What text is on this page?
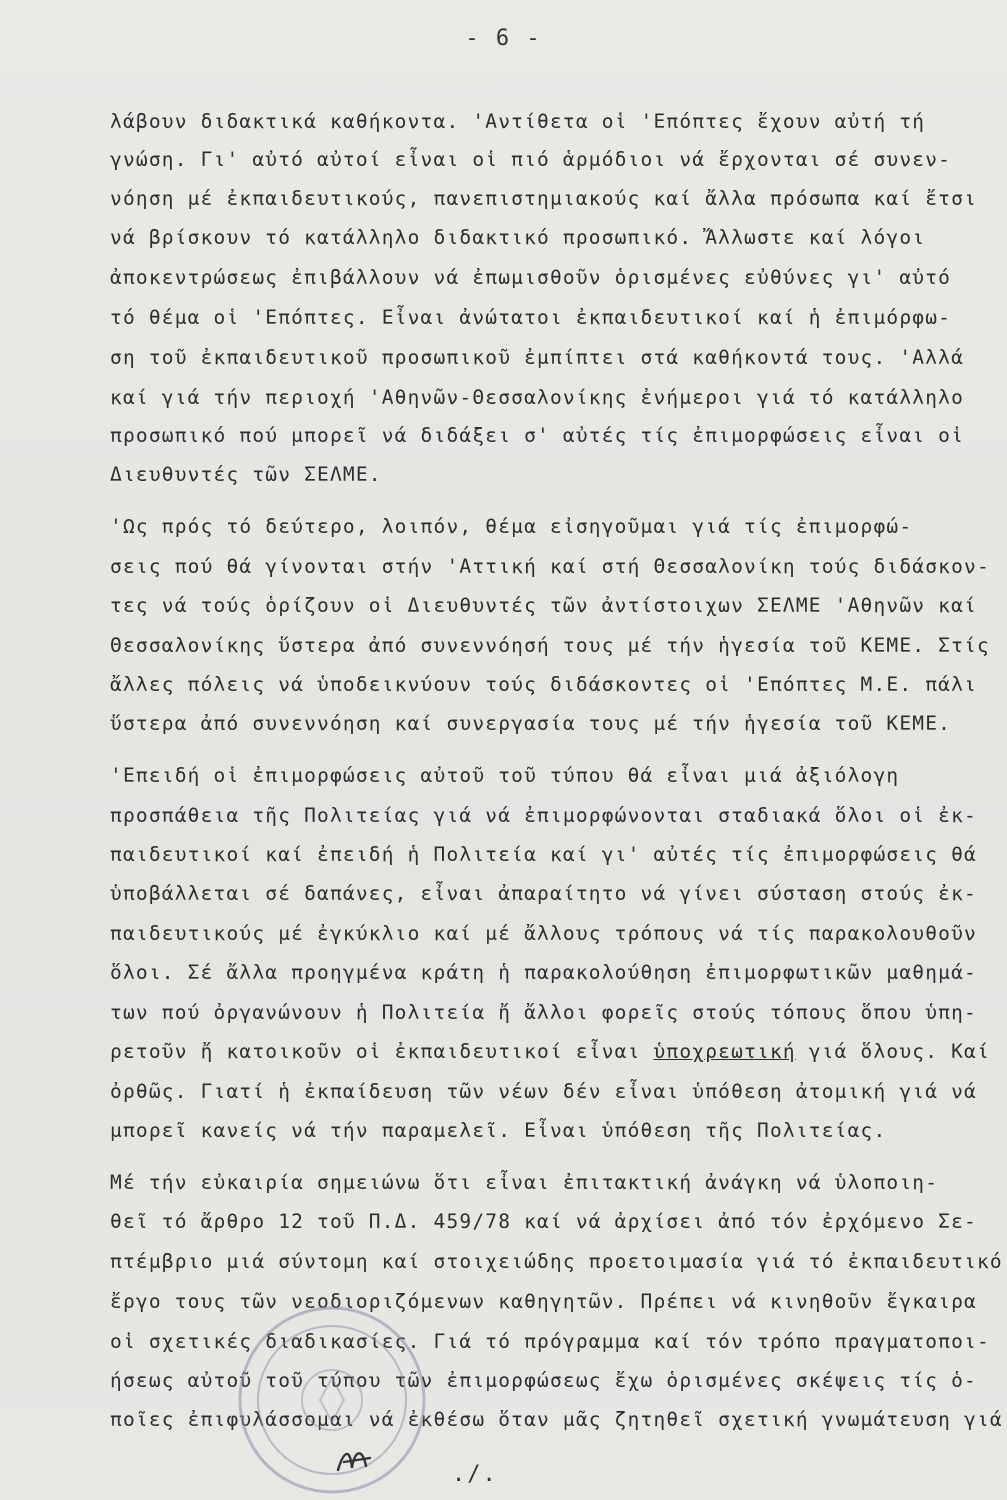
- 6 -
λάβουν διδακτικά καθήκοντα. 'Αντίθετα οἱ 'Επόπτες ἔχουν αὐτή τή
γνώση. Γι' αὐτό αὐτοί εἶναι οἱ πιό ἁρμόδιοι νά ἔρχονται σέ συνεν-
νόηση μέ ἐκπαιδευτικούς, πανεπιστημιακούς καί ἄλλα πρόσωπα καί ἔτσι
νά βρίσκουν τό κατάλληλο διδακτικό προσωπικό. Ἄλλωστε καί λόγοι
ἀποκεντρώσεως ἐπιβάλλουν νά ἐπωμισθοῦν ὁρισμένες εὐθύνες γι' αὐτό
τό θέμα οἱ 'Επόπτες. Εἶναι ἀνώτατοι ἐκπαιδευτικοί καί ἡ ἐπιμόρφω-
ση τοῦ ἐκπαιδευτικοῦ προσωπικοῦ ἐμπίπτει στά καθήκοντά τους. 'Αλλά
καί γιά τήν περιοχή 'Αθηνῶν-Θεσσαλονίκης ἐνήμεροι γιά τό κατάλληλο
προσωπικό πού μπορεῖ νά διδάξει σ' αὐτές τίς ἐπιμορφώσεις εἶναι οἱ
Διευθυντές τῶν ΣΕΛΜΕ.
'Ως πρός τό δεύτερο, λοιπόν, θέμα εἰσηγοῦμαι γιά τίς ἐπιμορφώ-
σεις πού θά γίνονται στήν 'Αττική καί στή Θεσσαλονίκη τούς διδάσκον-
τες νά τούς ὁρίζουν οἱ Διευθυντές τῶν ἀντίστοιχων ΣΕΛΜΕ 'Αθηνῶν καί
Θεσσαλονίκης ὕστερα ἀπό συνεννόησή τους μέ τήν ἡγεσία τοῦ ΚΕΜΕ. Στίς
ἄλλες πόλεις νά ὑποδεικνύουν τούς διδάσκοντες οἱ 'Επόπτες Μ.Ε. πάλι
ὕστερα ἀπό συνεννόηση καί συνεργασία τους μέ τήν ἡγεσία τοῦ ΚΕΜΕ.
'Επειδή οἱ ἐπιμορφώσεις αὐτοῦ τοῦ τύπου θά εἶναι μιά ἀξιόλογη
προσπάθεια τῆς Πολιτείας γιά νά ἐπιμορφώνονται σταδιακά ὅλοι οἱ ἐκ-
παιδευτικοί καί ἐπειδή ἡ Πολιτεία καί γι' αὐτές τίς ἐπιμορφώσεις θά
ὑποβάλλεται σέ δαπάνες, εἶναι ἀπαραίτητο νά γίνει σύσταση στούς ἐκ-
παιδευτικούς μέ ἐγκύκλιο καί μέ ἄλλους τρόπους νά τίς παρακολουθοῦν
ὅλοι. Σέ ἄλλα προηγμένα κράτη ἡ παρακολούθηση ἐπιμορφωτικῶν μαθημά-
των πού ὀργανώνουν ἡ Πολιτεία ἤ ἄλλοι φορεῖς στούς τόπους ὅπου ὑπη-
ρετοῦν ἤ κατοικοῦν οἱ ἐκπαιδευτικοί εἶναι ὑποχρεωτική γιά ὅλους. Καί
ὀρθῶς. Γιατί ἡ ἐκπαίδευση τῶν νέων δέν εἶναι ὑπόθεση ἀτομική γιά νά
μπορεῖ κανείς νά τήν παραμελεῖ. Εἶναι ὑπόθεση τῆς Πολιτείας.
Μέ τήν εὐκαιρία σημειώνω ὅτι εἶναι ἐπιτακτική ἀνάγκη νά ὑλοποιη-
θεῖ τό ἄρθρο 12 τοῦ Π.Δ. 459/78 καί νά ἀρχίσει ἀπό τόν ἐρχόμενο Σε-
πτέμβριο μιά σύντομη καί στοιχειώδης προετοιμασία γιά τό ἐκπαιδευτικό
ἔργο τους τῶν νεοδιοριζόμενων καθηγητῶν. Πρέπει νά κινηθοῦν ἔγκαιρα
οἱ σχετικές διαδικασίες. Γιά τό πρόγραμμα καί τόν τρόπο πραγματοποι-
ήσεως αὐτοῦ τοῦ τύπου τῶν ἐπιμορφώσεως ἔχω ὁρισμένες σκέψεις τίς ὁ-
ποῖες ἐπιφυλάσσομαι νά ἐκθέσω ὅταν μᾶς ζητηθεῖ σχετική γνωμάτευση γιά
./.
